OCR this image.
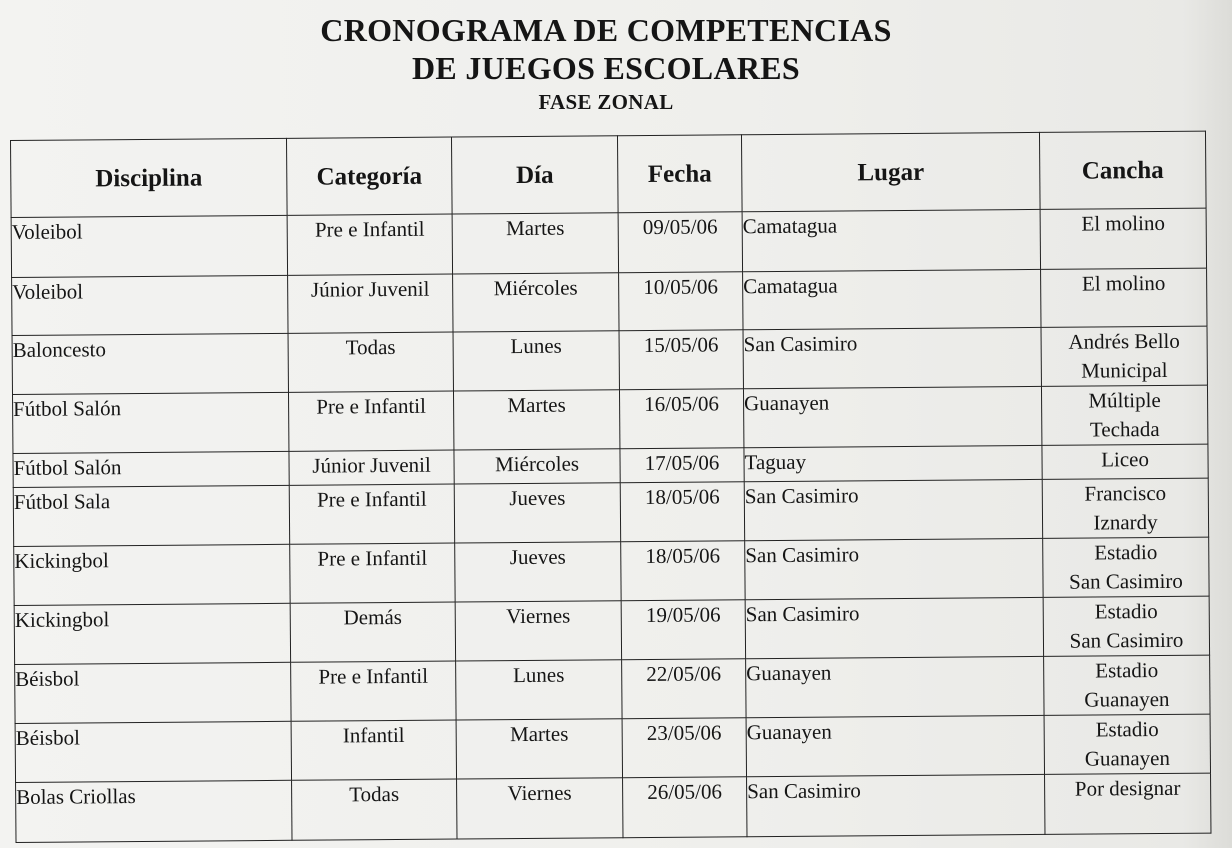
CRONOGRAMA DE COMPETENCIAS
DE JUEGOS ESCOLARES
FASE ZONAL
Disciplina	Categoría	Día	Fecha	Lugar	Cancha
Voleibol	Pre e Infantil	Martes	09/05/06	Camatagua	El molino

Voleibol	Júnior Juvenil	Miércoles	10/05/06	Camatagua	El molino

Baloncesto	Todas	Lunes	15/05/06	San Casimiro	Andrés Bello
Municipal

Fútbol Salón	Pre e Infantil	Martes	16/05/06	Guanayen	Múltiple
Techada

Fútbol Salón	Júnior Juvenil	Miércoles	17/05/06	Taguay	Liceo

Fútbol Sala	Pre e Infantil	Jueves	18/05/06	San Casimiro	Francisco
Iznardy

Kickingbol	Pre e Infantil	Jueves	18/05/06	San Casimiro	Estadio
San Casimiro

Kickingbol	Demás	Viernes	19/05/06	San Casimiro	Estadio
San Casimiro

Béisbol	Pre e Infantil	Lunes	22/05/06	Guanayen	Estadio
Guanayen

Béisbol	Infantil	Martes	23/05/06	Guanayen	Estadio
Guanayen

Bolas Criollas	Todas	Viernes	26/05/06	San Casimiro	Por designar
